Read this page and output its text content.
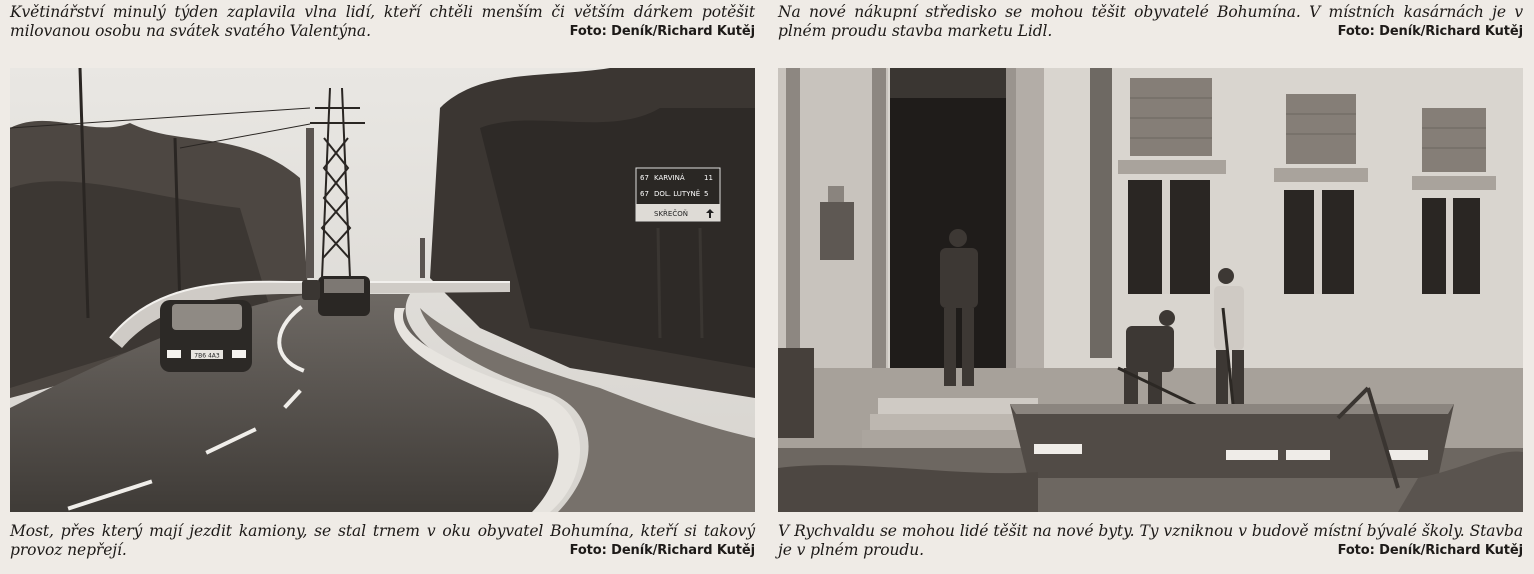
Květinářství minulý týden zaplavila vlna lidí, kteří chtěli menším či větším dárkem potěšit milovanou osobu na svátek svatého Valentýna.	Foto: Deník/Richard Kutěj
7B6 4A3
67 KARVINÁ	11
67 DOL. LUTYNĚ 5
SKŘEČOŇ
Most, přes který mají jezdit kamiony, se stal trnem v oku obyvatel Bohumína, kteří si takový provoz nepřejí.	Foto: Deník/Richard Kutěj
Na nové nákupní středisko se mohou těšit obyvatelé Bohumína. V místních kasárnách je v plném proudu stavba marketu Lidl.	Foto: Deník/Richard Kutěj
V Rychvaldu se mohou lidé těšit na nové byty. Ty vzniknou v budově místní bývalé školy. Stavba je v plném proudu.	Foto: Deník/Richard Kutěj
